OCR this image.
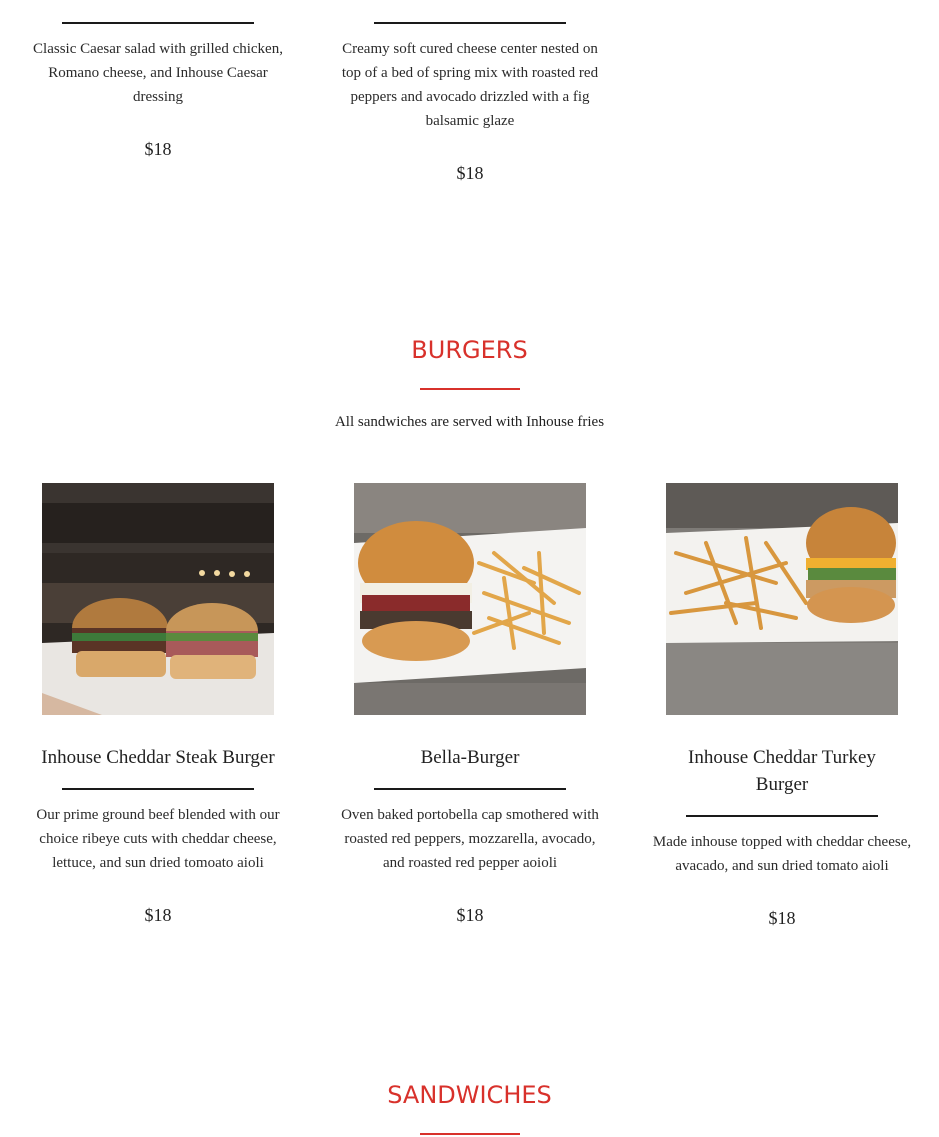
Classic Caesar salad with grilled chicken, Romano cheese, and Inhouse Caesar dressing
$18
Creamy soft cured cheese center nested on top of a bed of spring mix with roasted red peppers and avocado drizzled with a fig balsamic glaze
$18
BURGERS
All sandwiches are served with Inhouse fries
Inhouse Cheddar Steak Burger
Our prime ground beef blended with our choice ribeye cuts with cheddar cheese, lettuce, and sun dried tomoato aioli
$18
Bella-Burger
Oven baked portobella cap smothered with roasted red peppers, mozzarella, avocado, and roasted red pepper aoioli
$18
Inhouse Cheddar Turkey Burger
Made inhouse topped with cheddar cheese, avacado, and sun dried tomato aioli
$18
SANDWICHES
